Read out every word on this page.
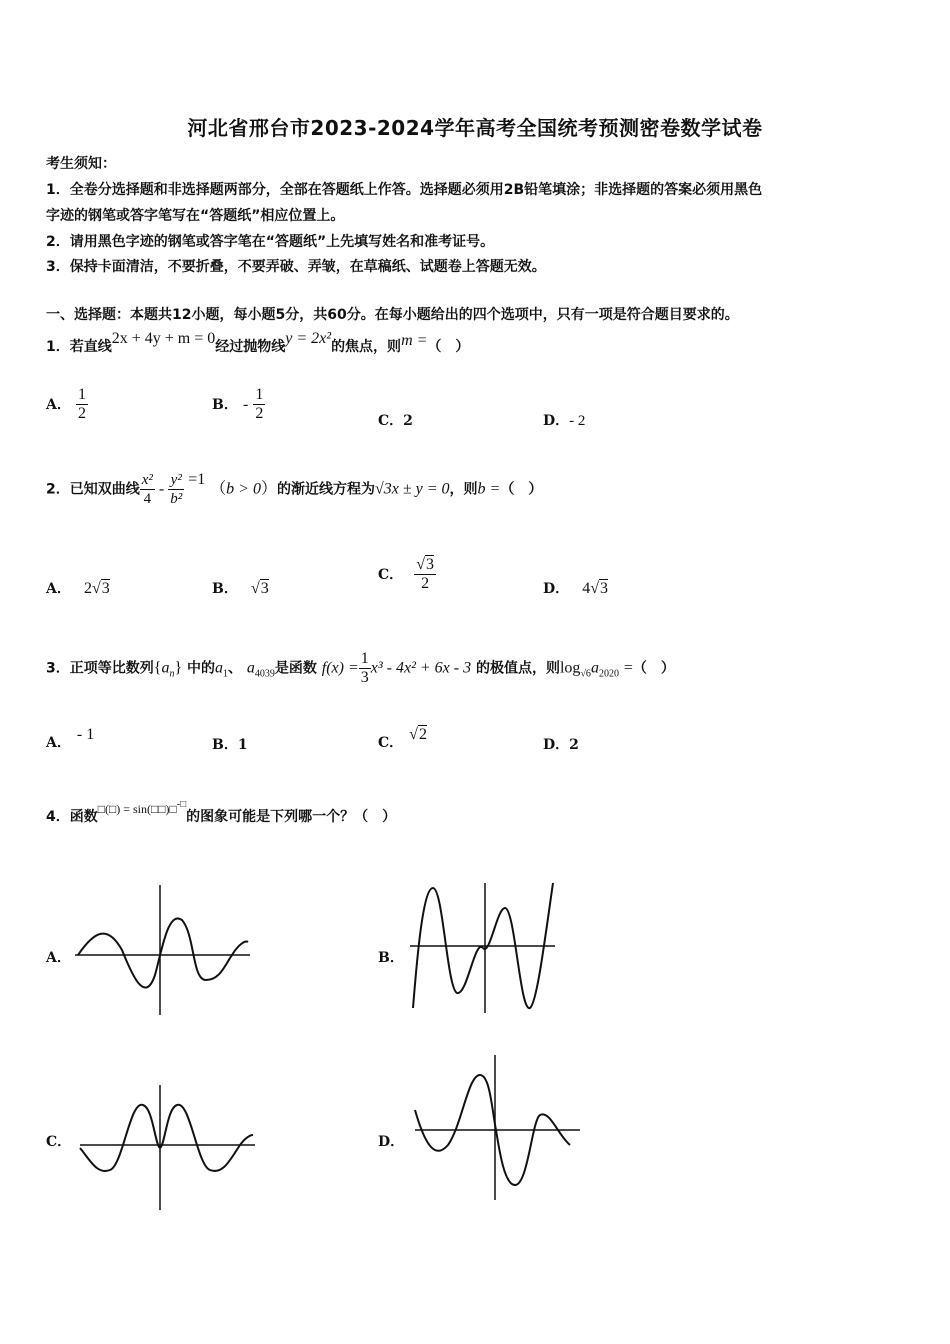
河北省邢台市2023-2024学年高考全国统考预测密卷数学试卷
考生须知：
1．全卷分选择题和非选择题两部分，全部在答题纸上作答。选择题必须用2B铅笔填涂；非选择题的答案必须用黑色
字迹的钢笔或答字笔写在“答题纸”相应位置上。
2．请用黑色字迹的钢笔或答字笔在“答题纸”上先填写姓名和准考证号。
3．保持卡面清洁，不要折叠，不要弄破、弄皱，在草稿纸、试题卷上答题无效。
一、选择题：本题共12小题，每小题5分，共60分。在每小题给出的四个选项中，只有一项是符合题目要求的。
1．若直线2x + 4y + m = 0经过抛物线y = 2x²的焦点，则m =（　）
A． $\frac{1}{2}$	B． - $\frac{1}{2}$	C．2	D．- 2
2．已知双曲线 $\frac{\text{x²}}{4} - \frac{\text{y²}}{\text{b²}} =1$ （b > 0）的渐近线方程为√3x ± y = 0，则b =（　）
A． 2√3	B． √3
C． $\frac{√3}{2}$	D． 4√3
3．正项等比数列$\{a_n\}$ 中的$a_1$、 $a_{4039}$是函数 $f(x) = \frac{1}{3} x^3 - 4x^2 + 6x - 3$ 的极值点，则$\log_{√6}a_{2020}$ =（　）
A． - 1
B．1	C． √2
D．2
4．函数□(□) = sin(□□)□-□的图象可能是下列哪一个？（　）
A．	B．
C．	D．
